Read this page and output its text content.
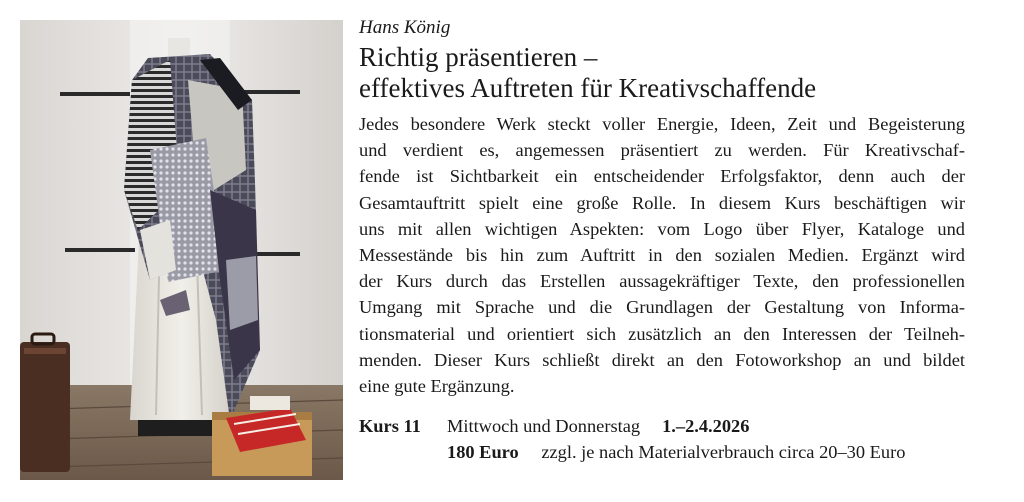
Hans König

Richtig präsentieren –
effektives Auftreten für Kreativschaffende

Jedes besondere Werk steckt voller Energie, Ideen, Zeit und Begeisterung

und verdient es, angemessen präsentiert zu werden. Für Kreativschaf-

fende ist Sichtbarkeit ein entscheidender Erfolgsfaktor, denn auch der

Gesamtauftritt spielt eine große Rolle. In diesem Kurs beschäftigen wir

uns mit allen wichtigen Aspekten: vom Logo über Flyer, Kataloge und

Messestände bis hin zum Auftritt in den sozialen Medien. Ergänzt wird

der Kurs durch das Erstellen aussagekräftiger Texte, den professionellen

Umgang mit Sprache und die Grundlagen der Gestaltung von Informa-

tionsmaterial und orientiert sich zusätzlich an den Interessen der Teilneh-

menden. Dieser Kurs schließt direkt an den Fotoworkshop an und bildet

eine gute Ergänzung.

Kurs 11	Mittwoch und Donnerstag 1.–2.4.2026
180 Euro zzgl. je nach Materialverbrauch circa 20–30 Euro
